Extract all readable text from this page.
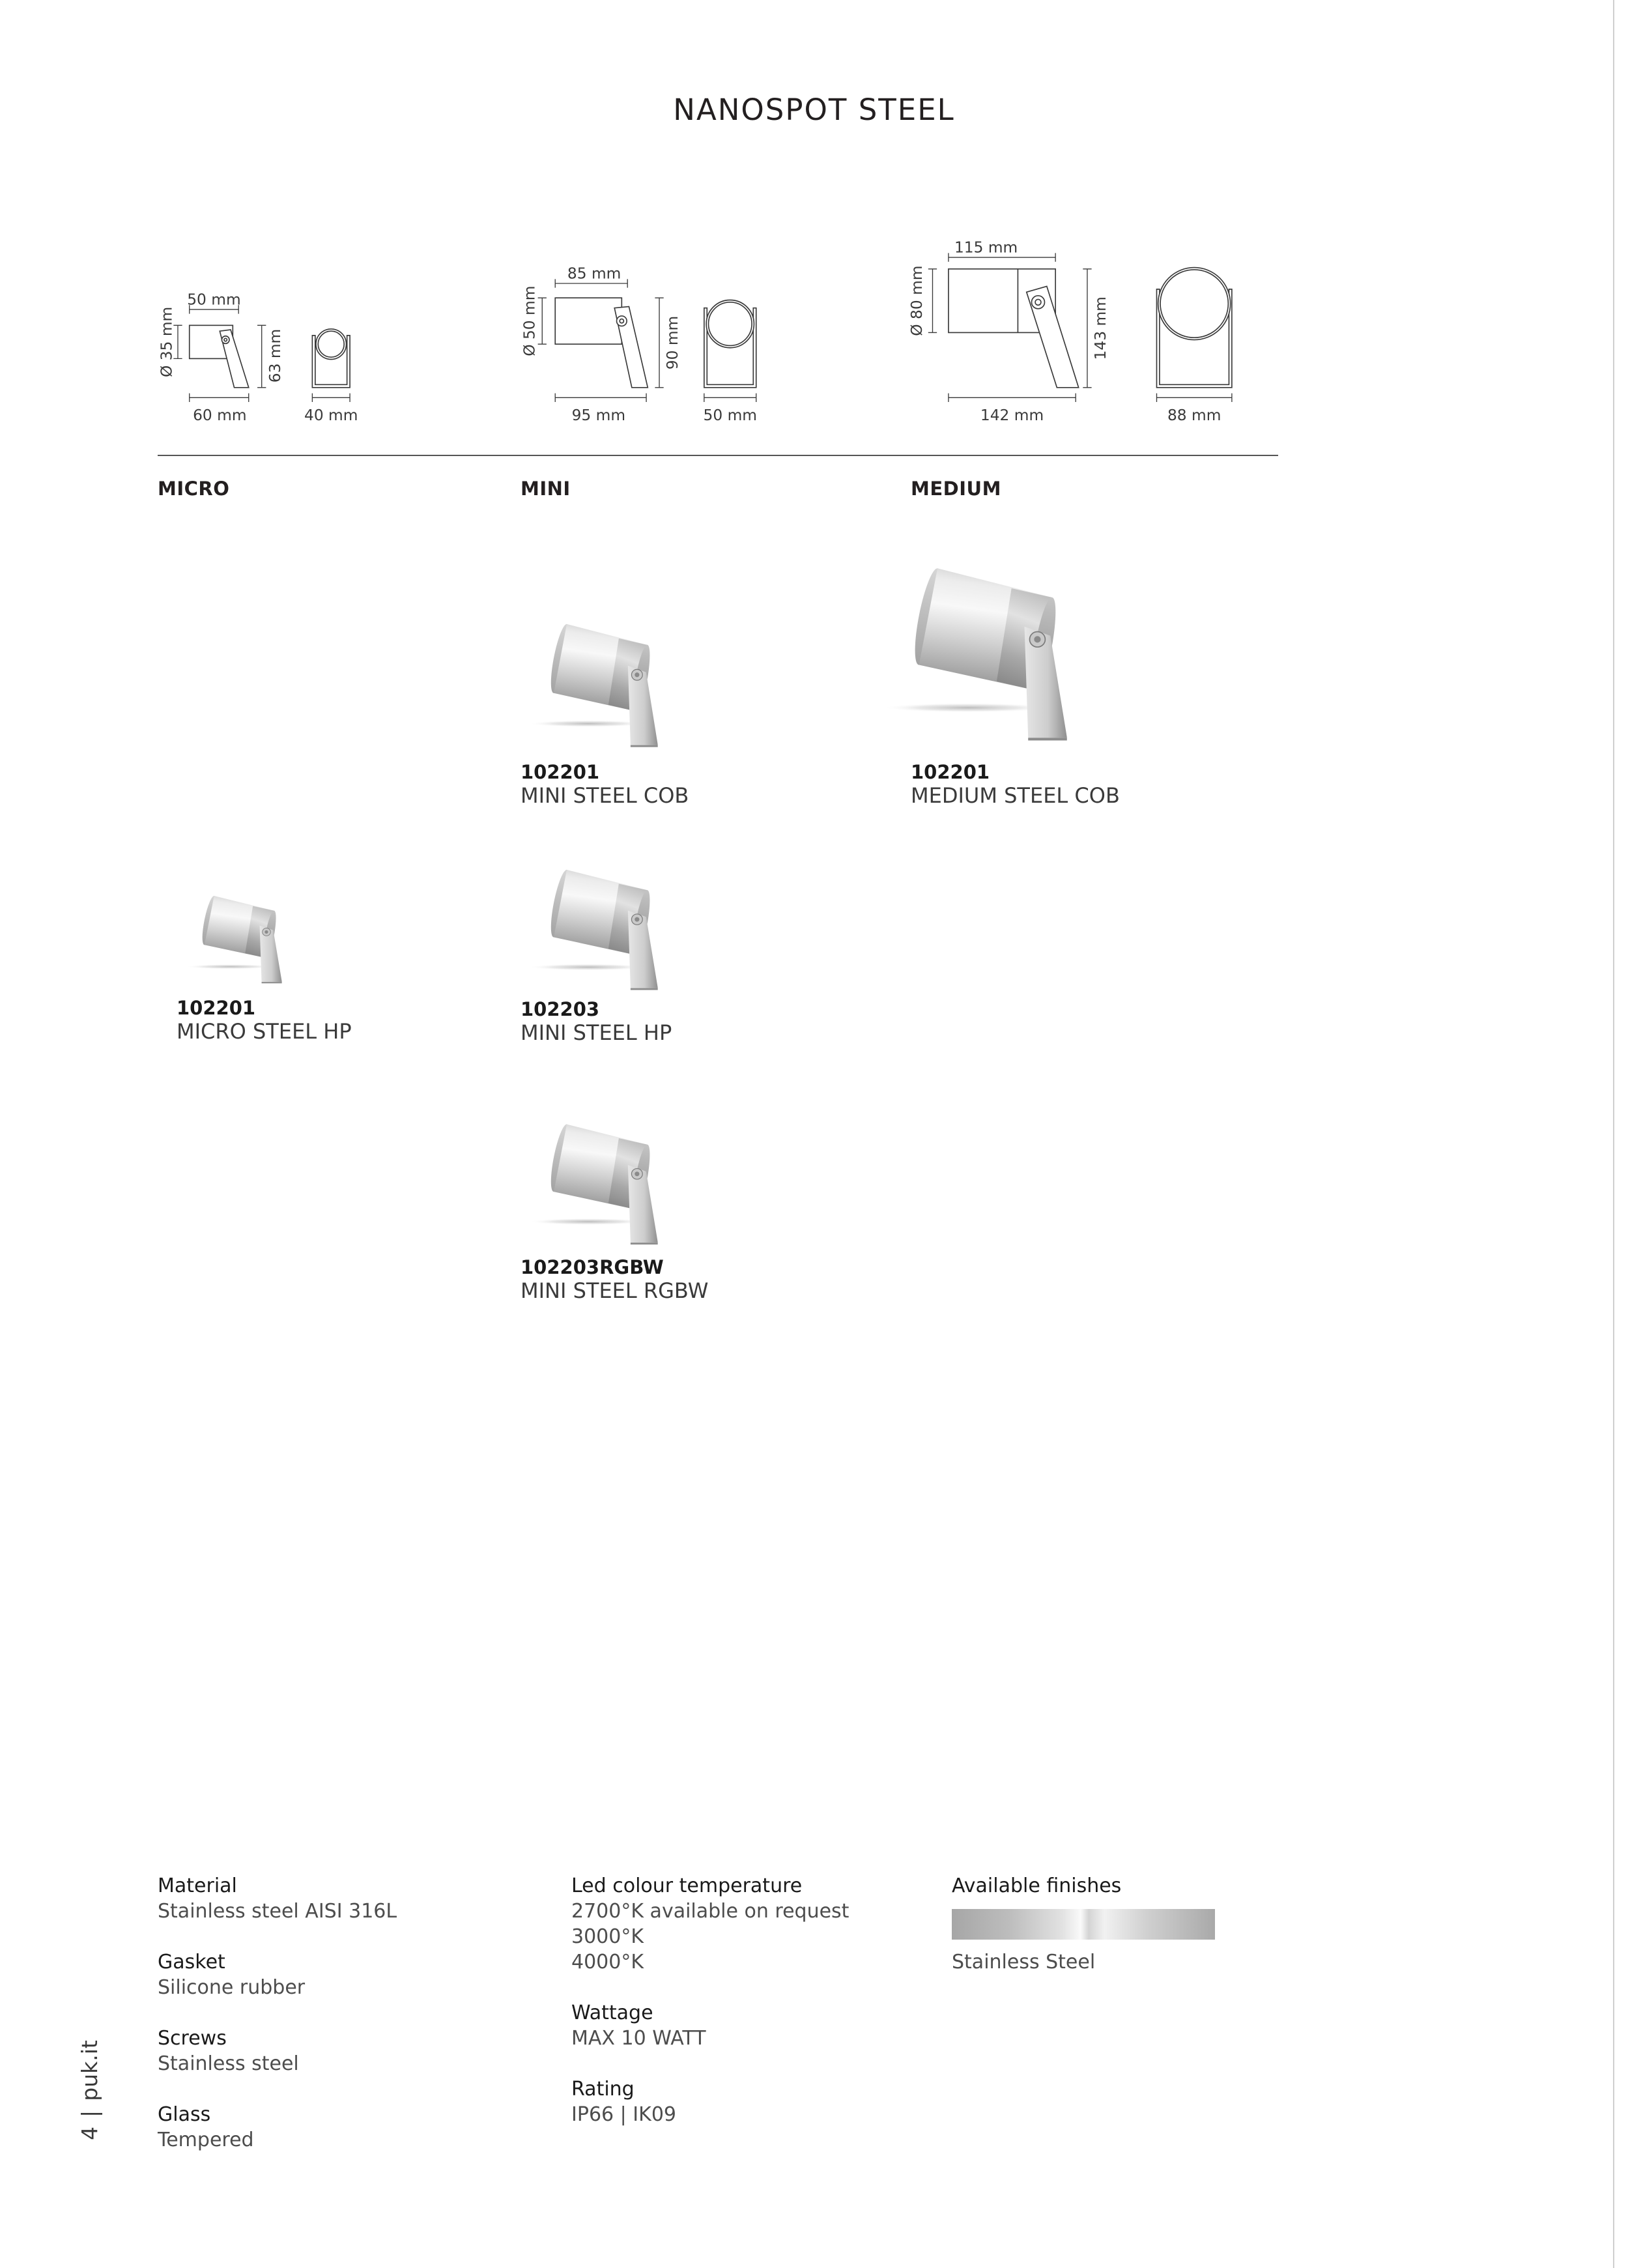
50 mm
Ø 35 mm	63 mm
60 mm	40 mm
85 mm
Ø 50 mm	90 mm
95 mm	50 mm
115 mm
Ø 80 mm	143 mm
142 mm	88 mm
NANOSPOT STEEL
MICRO	MINI	MEDIUM
102201
MINI STEEL COB
102201
MEDIUM STEEL COB
102201
MICRO STEEL HP
102203
MINI STEEL HP
102203RGBW
MINI STEEL RGBW
Material
Stainless steel AISI 316L
Gasket
Silicone rubber
Screws
Stainless steel
Glass
Tempered
Led colour temperature
2700°K available on request
3000°K
4000°K
Wattage
MAX 10 WATT
Rating
IP66 | IK09
Available finishes
Stainless Steel
4|puk.it
